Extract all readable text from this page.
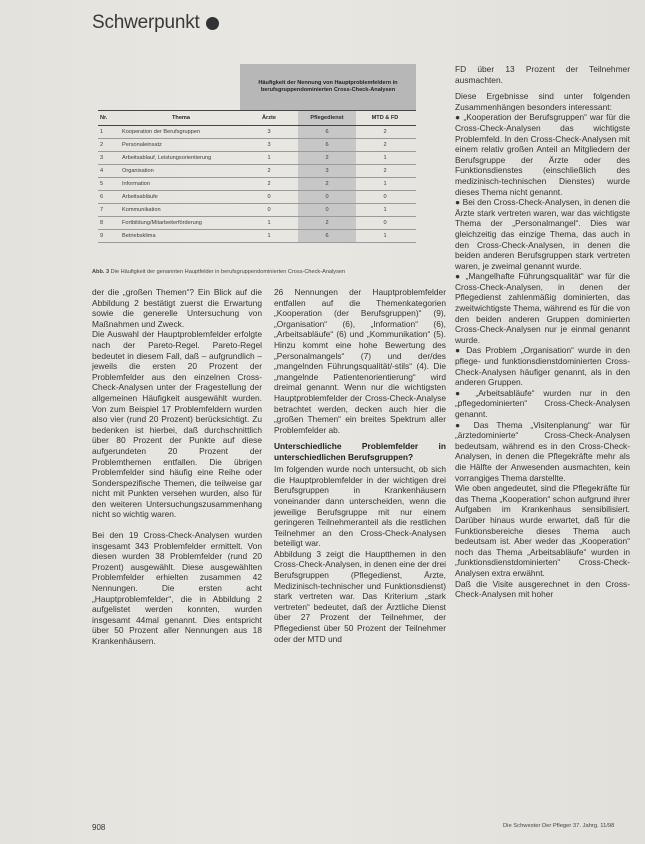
Schwerpunkt
Häufigkeit der Nennung von Hauptproblemfeldern in berufsgruppendominierten Cross-Check-Analysen
Nr.	Thema	Ärzte	Pflegedienst	MTD & FD
1	Kooperation der Berufsgruppen	3	6	2
2	Personaleinsatz	3	6	2
3	Arbeitsablauf, Leistungsorientierung	1	2	1
4	Organisation	2	3	2
5	Information	2	2	1
6	Arbeitsabläufe	0	0	0
7	Kommunikation	0	0	1
8	Fortbildung/Mitarbeiterförderung	1	2	0
9	Betriebsklima	1	6	1
Abb. 3 Die Häufigkeit der genannten Hauptfelder in berufsgruppendominierten Cross-Check-Analysen

der die „großen Themen“? Ein Blick auf die Abbildung 2 bestätigt zuerst die Erwartung sowie die generelle Untersuchung von Maßnahmen und Zweck.

Die Auswahl der Hauptproblemfelder erfolgte nach der Pareto-Regel. Pareto-Regel bedeutet in diesem Fall, daß – aufgrundlich – jeweils die ersten 20 Prozent der Problemfelder aus den einzelnen Cross-Check-Analysen unter der Fragestellung der allgemeinen Häufigkeit ausgewählt wurden. Von zum Beispiel 17 Problemfeldern wurden also vier (rund 20 Prozent) berücksichtigt. Zu bedenken ist hierbei, daß durchschnittlich über 80 Prozent der Punkte auf diese aufgerundeten 20 Prozent der Problemthemen entfallen. Die übrigen Problemfelder sind häufig eine Reihe oder Sonderspezifische Themen, die teilweise gar nicht mit Punkten versehen wurden, also für den weiteren Untersuchungszusammenhang nicht so wichtig waren.

Bei den 19 Cross-Check-Analysen wurden insgesamt 343 Problemfelder ermittelt. Von diesen wurden 38 Problemfelder (rund 20 Prozent) ausgewählt. Diese ausgewählten Problemfelder erhielten zusammen 42 Nennungen. Die ersten acht „Hauptproblemfelder“, die in Abbildung 2 aufgelistet werden konnten, wurden insgesamt 44mal genannt. Dies entspricht über 50 Prozent aller Nennungen aus 18 Krankenhäusern.

26 Nennungen der Hauptproblemfelder entfallen auf die Themenkategorien „Kooperation (der Berufsgruppen)“ (9), „Organisation“ (6), „Information“ (6), „Arbeitsabläufe“ (6) und „Kommunikation“ (5). Hinzu kommt eine hohe Bewertung des „Personalmangels“ (7) und der/des „mangelnden Führungsqualität/-stils“ (4). Die „mangelnde Patientenorientierung“ wird dreimal genannt. Wenn nur die wichtigsten Hauptproblemfelder der Cross-Check-Analyse betrachtet werden, decken auch hier die „großen Themen“ ein breites Spektrum aller Problemfelder ab.

Unterschiedliche Problemfelder in unterschiedlichen Berufsgruppen?

Im folgenden wurde noch untersucht, ob sich die Hauptproblemfelder in der wichtigen drei Berufsgruppen in Krankenhäusern voneinander dann unterscheiden, wenn die jeweilige Berufsgruppe mit nur einem geringeren Teilnehmeranteil als die restlichen Teilnehmer an den Cross-Check-Analysen beteiligt war.

Abbildung 3 zeigt die Hauptthemen in den Cross-Check-Analysen, in denen eine der drei Berufsgruppen (Pflegedienst, Ärzte, Medizinisch-technischer und Funktionsdienst) stark vertreten war. Das Kriterium „stark vertreten“ bedeutet, daß der Ärztliche Dienst über 27 Prozent der Teilnehmer, der Pflegedienst über 50 Prozent der Teilnehmer oder der MTD und

FD über 13 Prozent der Teilnehmer ausmachten.

Diese Ergebnisse sind unter folgenden Zusammenhängen besonders interessant:

● „Kooperation der Berufsgruppen“ war für die Cross-Check-Analysen das wichtigste Problemfeld. In den Cross-Check-Analysen mit einem relativ großen Anteil an Mitgliedern der Berufsgruppe der Ärzte oder des Funktionsdienstes (einschließlich des medizinisch-technischen Dienstes) wurde dieses Thema nicht genannt.

● Bei den Cross-Check-Analysen, in denen die Ärzte stark vertreten waren, war das wichtigste Thema der „Personalmangel“. Dies war gleichzeitig das einzige Thema, das auch in den Cross-Check-Analysen, in denen die beiden anderen Berufsgruppen stark vertreten waren, je zweimal genannt wurde.

● „Mangelhafte Führungsqualität“ war für die Cross-Check-Analysen, in denen der Pflegedienst zahlenmäßig dominierten, das zweitwichtigste Thema, während es für die von den beiden anderen Gruppen dominierten Cross-Check-Analysen nur je einmal genannt wurde.

● Das Problem „Organisation“ wurde in den pflege- und funktionsdienstdominierten Cross-Check-Analysen häufiger genannt, als in den anderen Gruppen.

● „Arbeitsabläufe“ wurden nur in den „pflegedominierten“ Cross-Check-Analysen genannt.

● Das Thema „Visitenplanung“ war für „ärztedominierte“ Cross-Check-Analysen bedeutsam, während es in den Cross-Check-Analysen, in denen die Pflegekräfte mehr als die Hälfte der Anwesenden ausmachten, kein vorrangiges Thema darstellte.

Wie oben angedeutet, sind die Pflegekräfte für das Thema „Kooperation“ schon aufgrund ihrer Aufgaben im Krankenhaus sensibilisiert. Darüber hinaus wurde erwartet, daß für die Funktionsbereiche dieses Thema auch bedeutsam ist. Aber weder das „Kooperation“ noch das Thema „Arbeitsabläufe“ wurden in „funktionsdienstdominierten“ Cross-Check-Analysen extra erwähnt.

Daß die Visite ausgerechnet in den Cross-Check-Analysen mit hoher

908	Die Schwester Der Pfleger 37. Jahrg. 11/98
